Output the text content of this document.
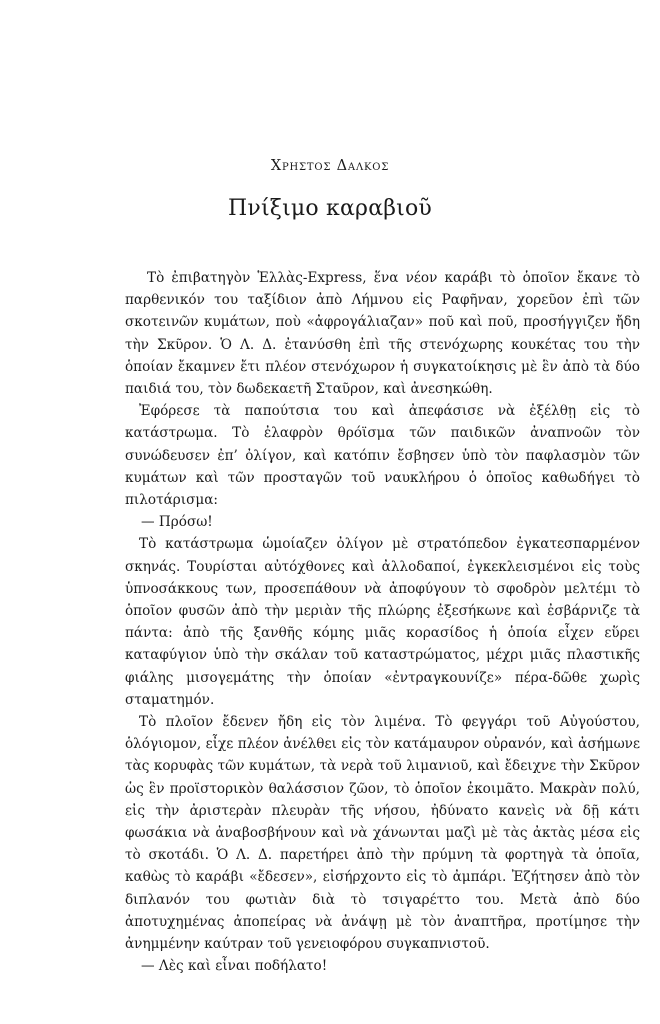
Χρηστος Δαλκος
Πνίξιμο καραβιοῦ

Τὸ ἐπιβατηγὸν Ἑλλὰς-Express, ἕνα νέον καράβι τὸ ὁποῖον ἔκανε τὸ παρθενικόν του ταξίδιον ἀπὸ Λήμνου εἰς Ραφῆναν, χορεῦον ἐπὶ τῶν σκοτεινῶν κυμάτων, ποὺ «ἀφρογάλιαζαν» ποῦ καὶ ποῦ, προσήγγιζεν ἤδη τὴν Σκῦρον. Ὁ Λ. Δ. ἐτανύσθη ἐπὶ τῆς στενόχωρης κουκέτας του τὴν ὁποίαν ἔκαμνεν ἔτι πλέον στενόχωρον ἡ συγκατοίκησις μὲ ἓν ἀπὸ τὰ δύο παιδιά του, τὸν δωδεκαετῆ Σταῦρον, καὶ ἀνεσηκώθη.

Ἐφόρεσε τὰ παπούτσια του καὶ ἀπεφάσισε νὰ ἐξέλθῃ εἰς τὸ κατάστρωμα. Τὸ ἐλαφρὸν θρόϊσμα τῶν παιδικῶν ἀναπνοῶν τὸν συνώδευσεν ἐπ’ ὀλίγον, καὶ κατόπιν ἔσβησεν ὑπὸ τὸν παφλασμὸν τῶν κυμάτων καὶ τῶν προσταγῶν τοῦ ναυκλήρου ὁ ὁποῖος καθωδήγει τὸ πιλοτάρισμα:

— Πρόσω!

Τὸ κατάστρωμα ὡμοίαζεν ὀλίγον μὲ στρατόπεδον ἐγκατεσπαρμένον σκηνάς. Τουρίσται αὐτόχθονες καὶ ἀλλοδαποί, ἐγκεκλεισμένοι εἰς τοὺς ὑπνοσάκκους των, προσεπάθουν νὰ ἀποφύγουν τὸ σφοδρὸν μελτέμι τὸ ὁποῖον φυσῶν ἀπὸ τὴν μεριὰν τῆς πλώρης ἐξεσήκωνε καὶ ἐσβάρνιζε τὰ πάντα: ἀπὸ τῆς ξανθῆς κόμης μιᾶς κορασίδος ἡ ὁποία εἶχεν εὕρει καταφύγιον ὑπὸ τὴν σκάλαν τοῦ καταστρώματος, μέχρι μιᾶς πλαστικῆς φιάλης μισογεμάτης τὴν ὁποίαν «ἐντραγκουνίζε» πέρα-δῶθε χωρὶς σταματημόν.

Τὸ πλοῖον ἔδενεν ἤδη εἰς τὸν λιμένα. Τὸ φεγγάρι τοῦ Αὐγούστου, ὁλόγιομον, εἶχε πλέον ἀνέλθει εἰς τὸν κατάμαυρον οὐρανόν, καὶ ἀσήμωνε τὰς κορυφὰς τῶν κυμάτων, τὰ νερὰ τοῦ λιμανιοῦ, καὶ ἔδειχνε τὴν Σκῦρον ὡς ἓν προϊστορικὸν θαλάσσιον ζῶον, τὸ ὁποῖον ἐκοιμᾶτο. Μακρὰν πολύ, εἰς τὴν ἀριστερὰν πλευρὰν τῆς νήσου, ἠδύνατο κανεὶς νὰ δῇ κάτι φωσάκια νὰ ἀναβοσβήνουν καὶ νὰ χάνωνται μαζὶ μὲ τὰς ἀκτὰς μέσα εἰς τὸ σκοτάδι. Ὁ Λ. Δ. παρετήρει ἀπὸ τὴν πρύμνη τὰ φορτηγὰ τὰ ὁποῖα, καθὼς τὸ καράβι «ἔδεσεν», εἰσήρχοντο εἰς τὸ ἀμπάρι. Ἐζήτησεν ἀπὸ τὸν διπλανόν του φωτιὰν διὰ τὸ τσιγαρέττο του. Μετὰ ἀπὸ δύο ἀποτυχημένας ἀποπείρας νὰ ἀνάψῃ μὲ τὸν ἀναπτῆρα, προτίμησε τὴν ἀνημμένην καύτραν τοῦ γενειοφόρου συγκαπνιστοῦ.

— Λὲς καὶ εἶναι ποδήλατο!
